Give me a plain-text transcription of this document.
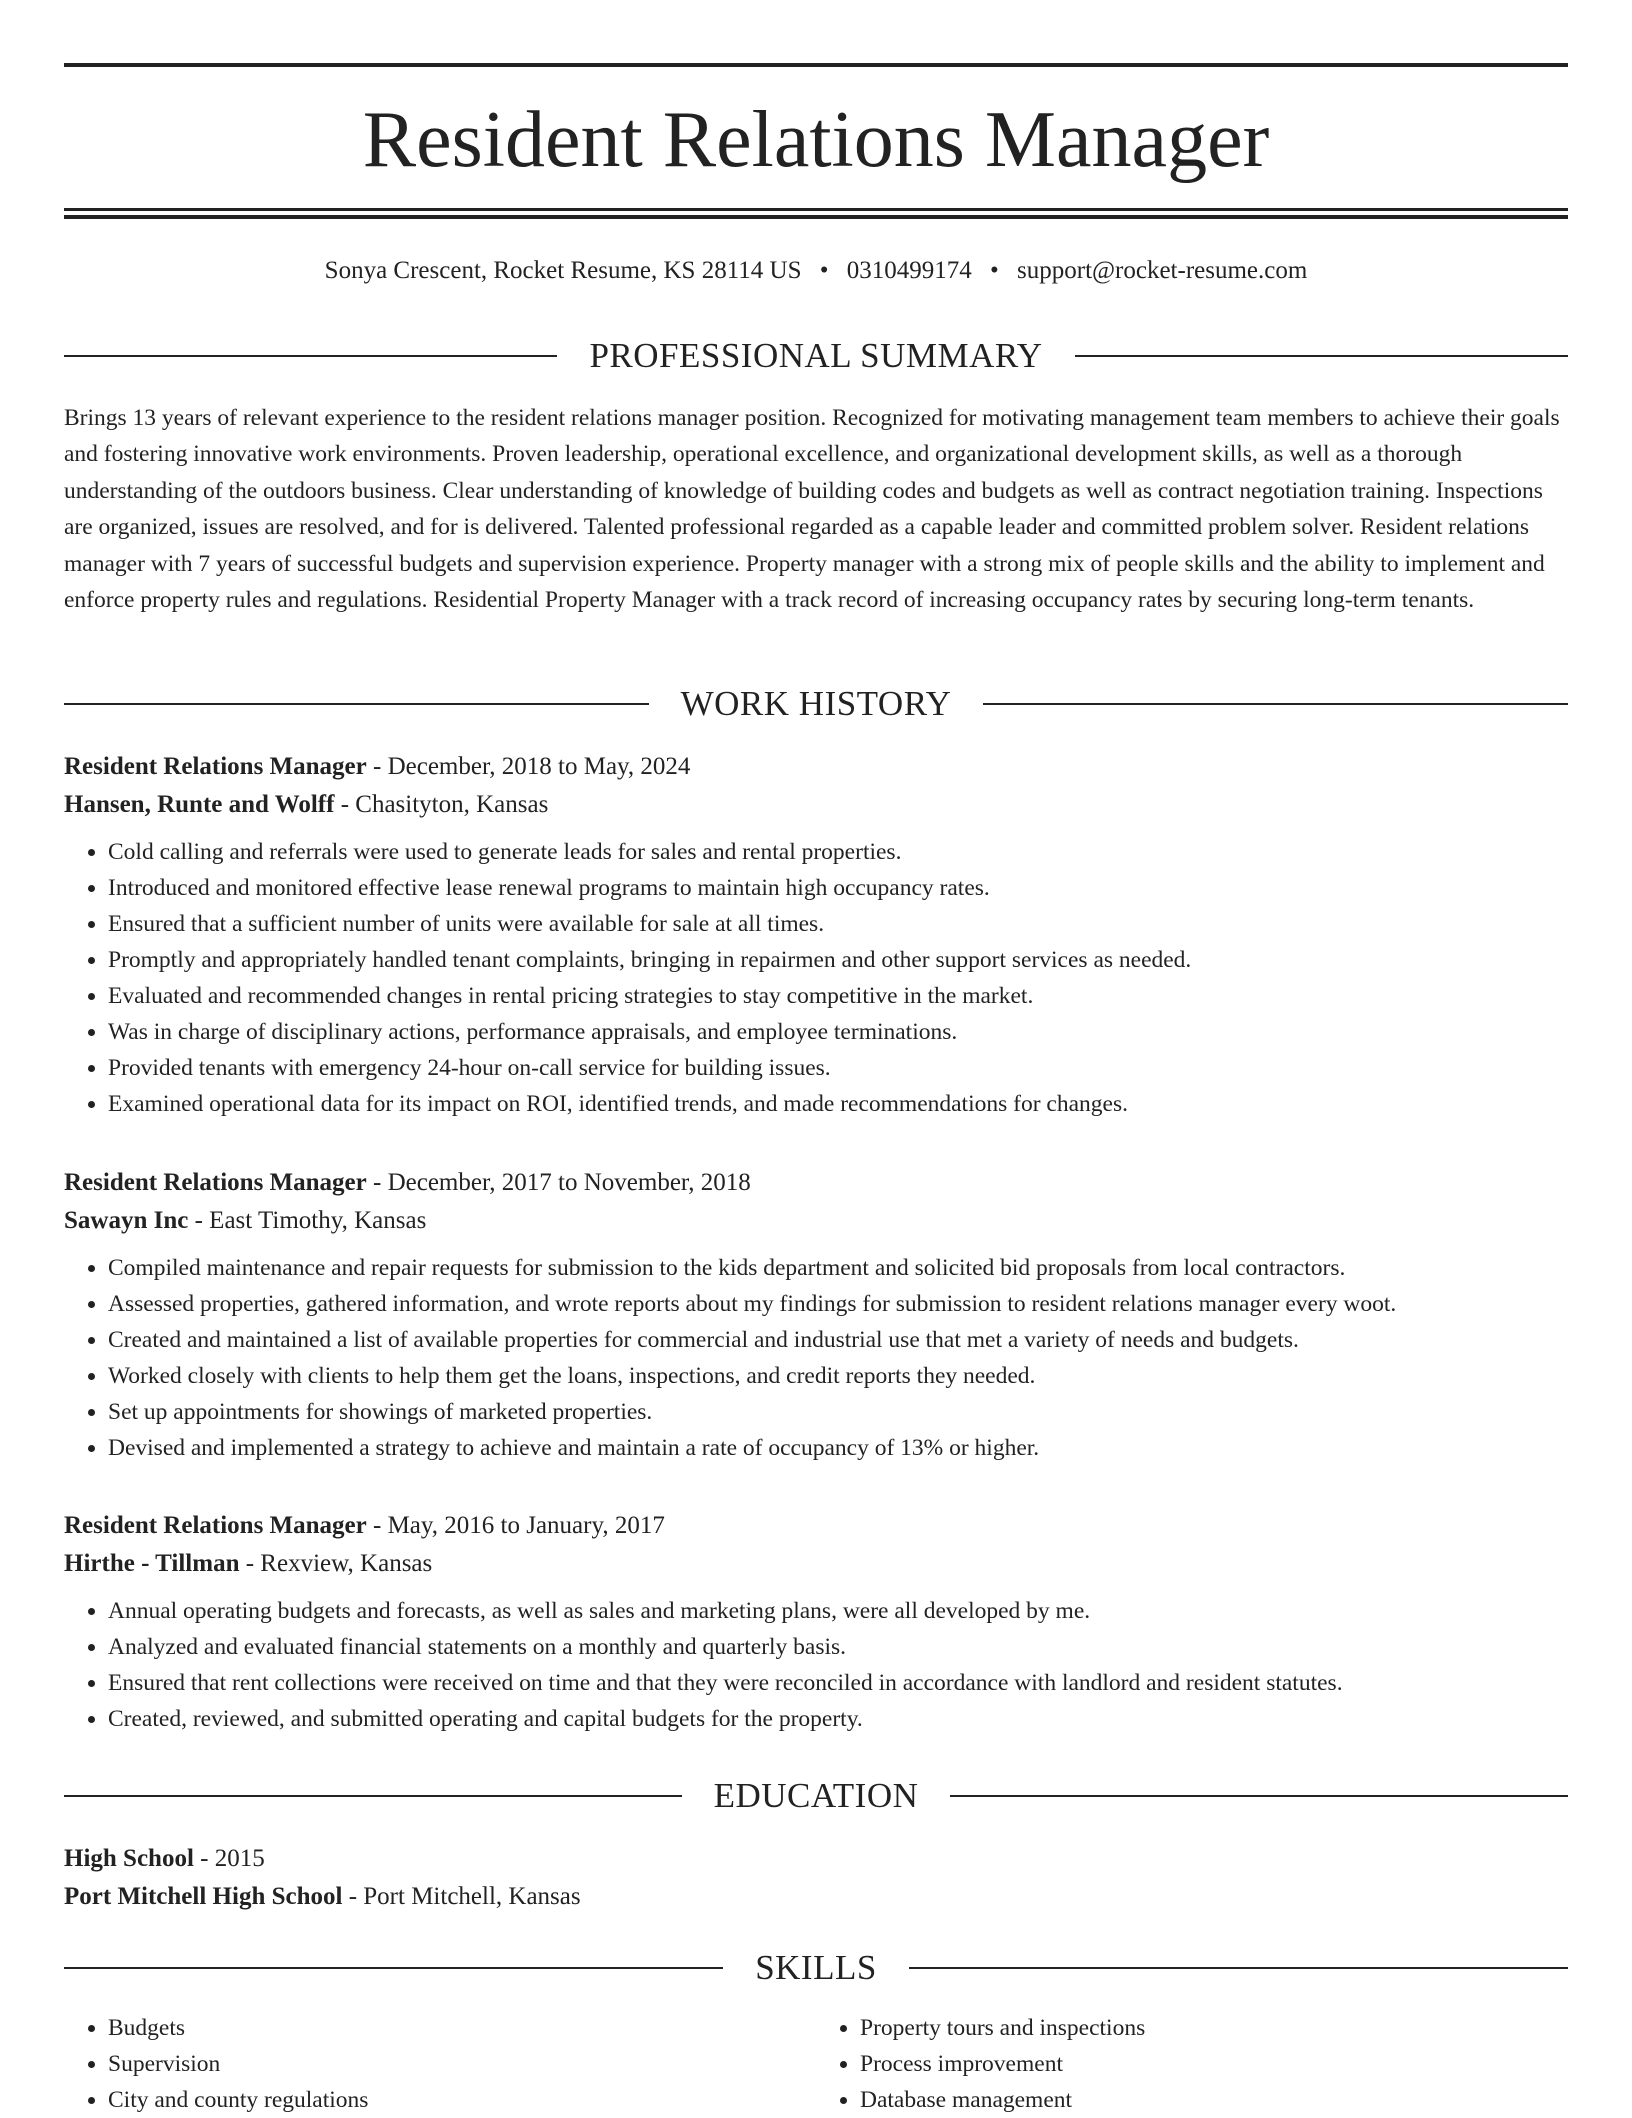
Resident Relations Manager
Sonya Crescent, Rocket Resume, KS 28114 US • 0310499174 • support@rocket-resume.com
PROFESSIONAL SUMMARY
Brings 13 years of relevant experience to the resident relations manager position. Recognized for motivating management team members to achieve their goals and fostering innovative work environments. Proven leadership, operational excellence, and organizational development skills, as well as a thorough understanding of the outdoors business. Clear understanding of knowledge of building codes and budgets as well as contract negotiation training. Inspections are organized, issues are resolved, and for is delivered. Talented professional regarded as a capable leader and committed problem solver. Resident relations manager with 7 years of successful budgets and supervision experience. Property manager with a strong mix of people skills and the ability to implement and enforce property rules and regulations. Residential Property Manager with a track record of increasing occupancy rates by securing long-term tenants.
WORK HISTORY
Resident Relations Manager - December, 2018 to May, 2024
Hansen, Runte and Wolff - Chasityton, Kansas
• Cold calling and referrals were used to generate leads for sales and rental properties.
• Introduced and monitored effective lease renewal programs to maintain high occupancy rates.
• Ensured that a sufficient number of units were available for sale at all times.
• Promptly and appropriately handled tenant complaints, bringing in repairmen and other support services as needed.
• Evaluated and recommended changes in rental pricing strategies to stay competitive in the market.
• Was in charge of disciplinary actions, performance appraisals, and employee terminations.
• Provided tenants with emergency 24-hour on-call service for building issues.
• Examined operational data for its impact on ROI, identified trends, and made recommendations for changes.
Resident Relations Manager - December, 2017 to November, 2018
Sawayn Inc - East Timothy, Kansas
• Compiled maintenance and repair requests for submission to the kids department and solicited bid proposals from local contractors.
• Assessed properties, gathered information, and wrote reports about my findings for submission to resident relations manager every woot.
• Created and maintained a list of available properties for commercial and industrial use that met a variety of needs and budgets.
• Worked closely with clients to help them get the loans, inspections, and credit reports they needed.
• Set up appointments for showings of marketed properties.
• Devised and implemented a strategy to achieve and maintain a rate of occupancy of 13% or higher.
Resident Relations Manager - May, 2016 to January, 2017
Hirthe - Tillman - Rexview, Kansas
• Annual operating budgets and forecasts, as well as sales and marketing plans, were all developed by me.
• Analyzed and evaluated financial statements on a monthly and quarterly basis.
• Ensured that rent collections were received on time and that they were reconciled in accordance with landlord and resident statutes.
• Created, reviewed, and submitted operating and capital budgets for the property.
EDUCATION
High School - 2015
Port Mitchell High School - Port Mitchell, Kansas
SKILLS
• Budgets
• Supervision
• City and county regulations
• Property tours and inspections
• Process improvement
• Database management
